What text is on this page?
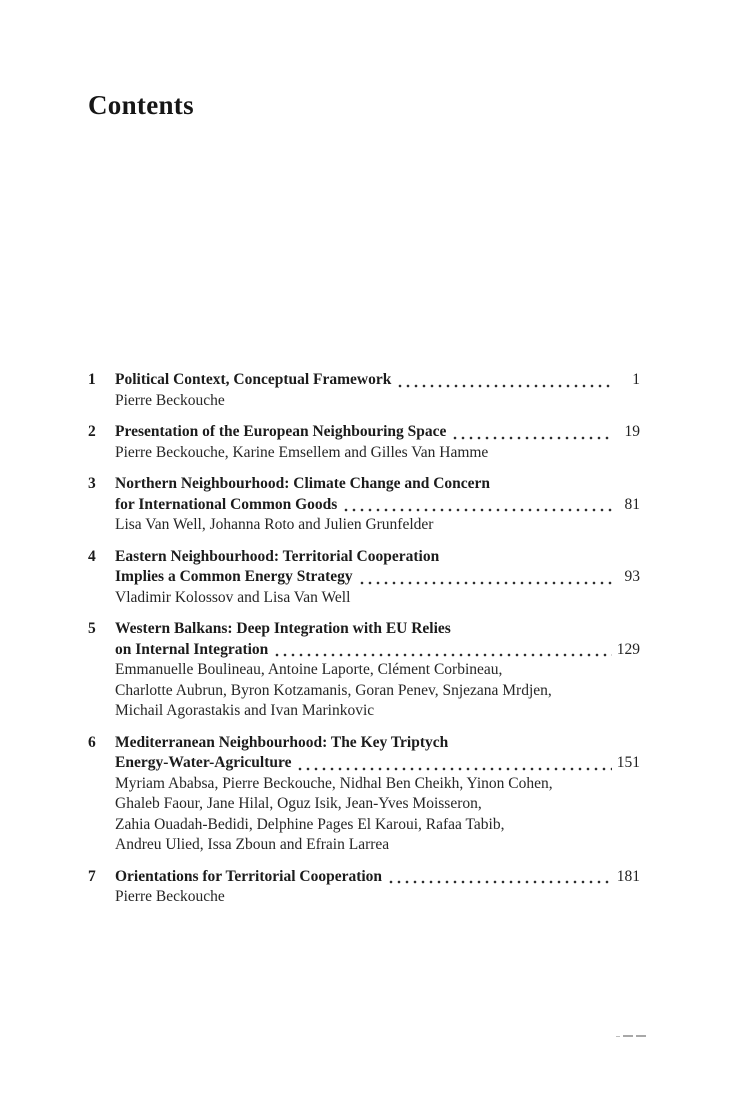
Contents
1	Political Context, Conceptual Framework	1
Pierre Beckouche
2	Presentation of the European Neighbouring Space	19
Pierre Beckouche, Karine Emsellem and Gilles Van Hamme
3	Northern Neighbourhood: Climate Change and Concern
for International Common Goods	81
Lisa Van Well, Johanna Roto and Julien Grunfelder
4	Eastern Neighbourhood: Territorial Cooperation
Implies a Common Energy Strategy	93
Vladimir Kolossov and Lisa Van Well
5	Western Balkans: Deep Integration with EU Relies
on Internal Integration	129
Emmanuelle Boulineau, Antoine Laporte, Clément Corbineau,
Charlotte Aubrun, Byron Kotzamanis, Goran Penev, Snjezana Mrdjen,
Michail Agorastakis and Ivan Marinkovic
6	Mediterranean Neighbourhood: The Key Triptych
Energy-Water-Agriculture	151
Myriam Ababsa, Pierre Beckouche, Nidhal Ben Cheikh, Yinon Cohen,
Ghaleb Faour, Jane Hilal, Oguz Isik, Jean-Yves Moisseron,
Zahia Ouadah-Bedidi, Delphine Pages El Karoui, Rafaa Tabib,
Andreu Ulied, Issa Zboun and Efrain Larrea
7	Orientations for Territorial Cooperation	181
Pierre Beckouche
